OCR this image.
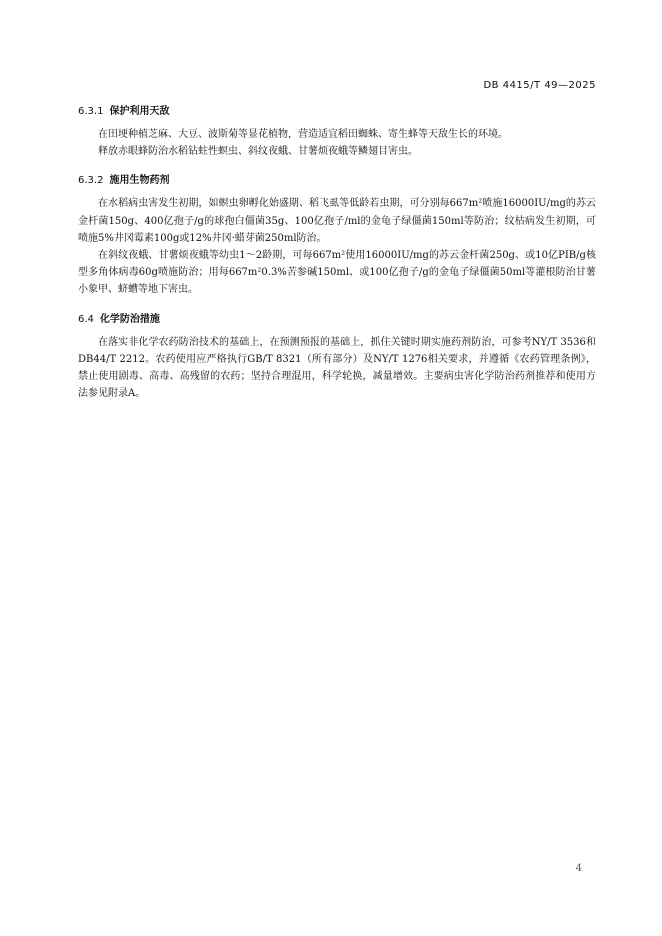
DB 4415/T 49—2025
6.3.1 保护利用天敌

在田埂种植芝麻、大豆、波斯菊等显花植物，营造适宜稻田蜘蛛、寄生蜂等天敌生长的环境。

释放赤眼蜂防治水稻钻蛀性螟虫、斜纹夜蛾、甘薯烦夜蛾等鳞翅目害虫。

6.3.2 施用生物药剂

在水稻病虫害发生初期，如螟虫卵孵化始盛期、稻飞虱等低龄若虫期，可分别每667m²喷施16000IU/mg的苏云金杆菌150g、400亿孢子/g的球孢白僵菌35g、100亿孢子/ml的金龟子绿僵菌150ml等防治；纹枯病发生初期，可喷施5%井冈霉素100g或12%井冈·蜡芽菌250ml防治。

在斜纹夜蛾、甘薯烦夜蛾等幼虫1～2龄期，可每667m²使用16000IU/mg的苏云金杆菌250g、或10亿PIB/g核型多角体病毒60g喷施防治；用每667m²0.3%苦参碱150ml、或100亿孢子/g的金龟子绿僵菌50ml等灌根防治甘薯小象甲、蛴螬等地下害虫。

6.4 化学防治措施

在落实非化学农药防治技术的基础上，在预测预报的基础上，抓住关键时期实施药剂防治，可参考NY/T 3536和DB44/T 2212。农药使用应严格执行GB/T 8321（所有部分）及NY/T 1276相关要求，并遵循《农药管理条例》，禁止使用剧毒、高毒、高残留的农药；坚持合理混用，科学轮换，减量增效。主要病虫害化学防治药剂推荐和使用方法参见附录A。

4
